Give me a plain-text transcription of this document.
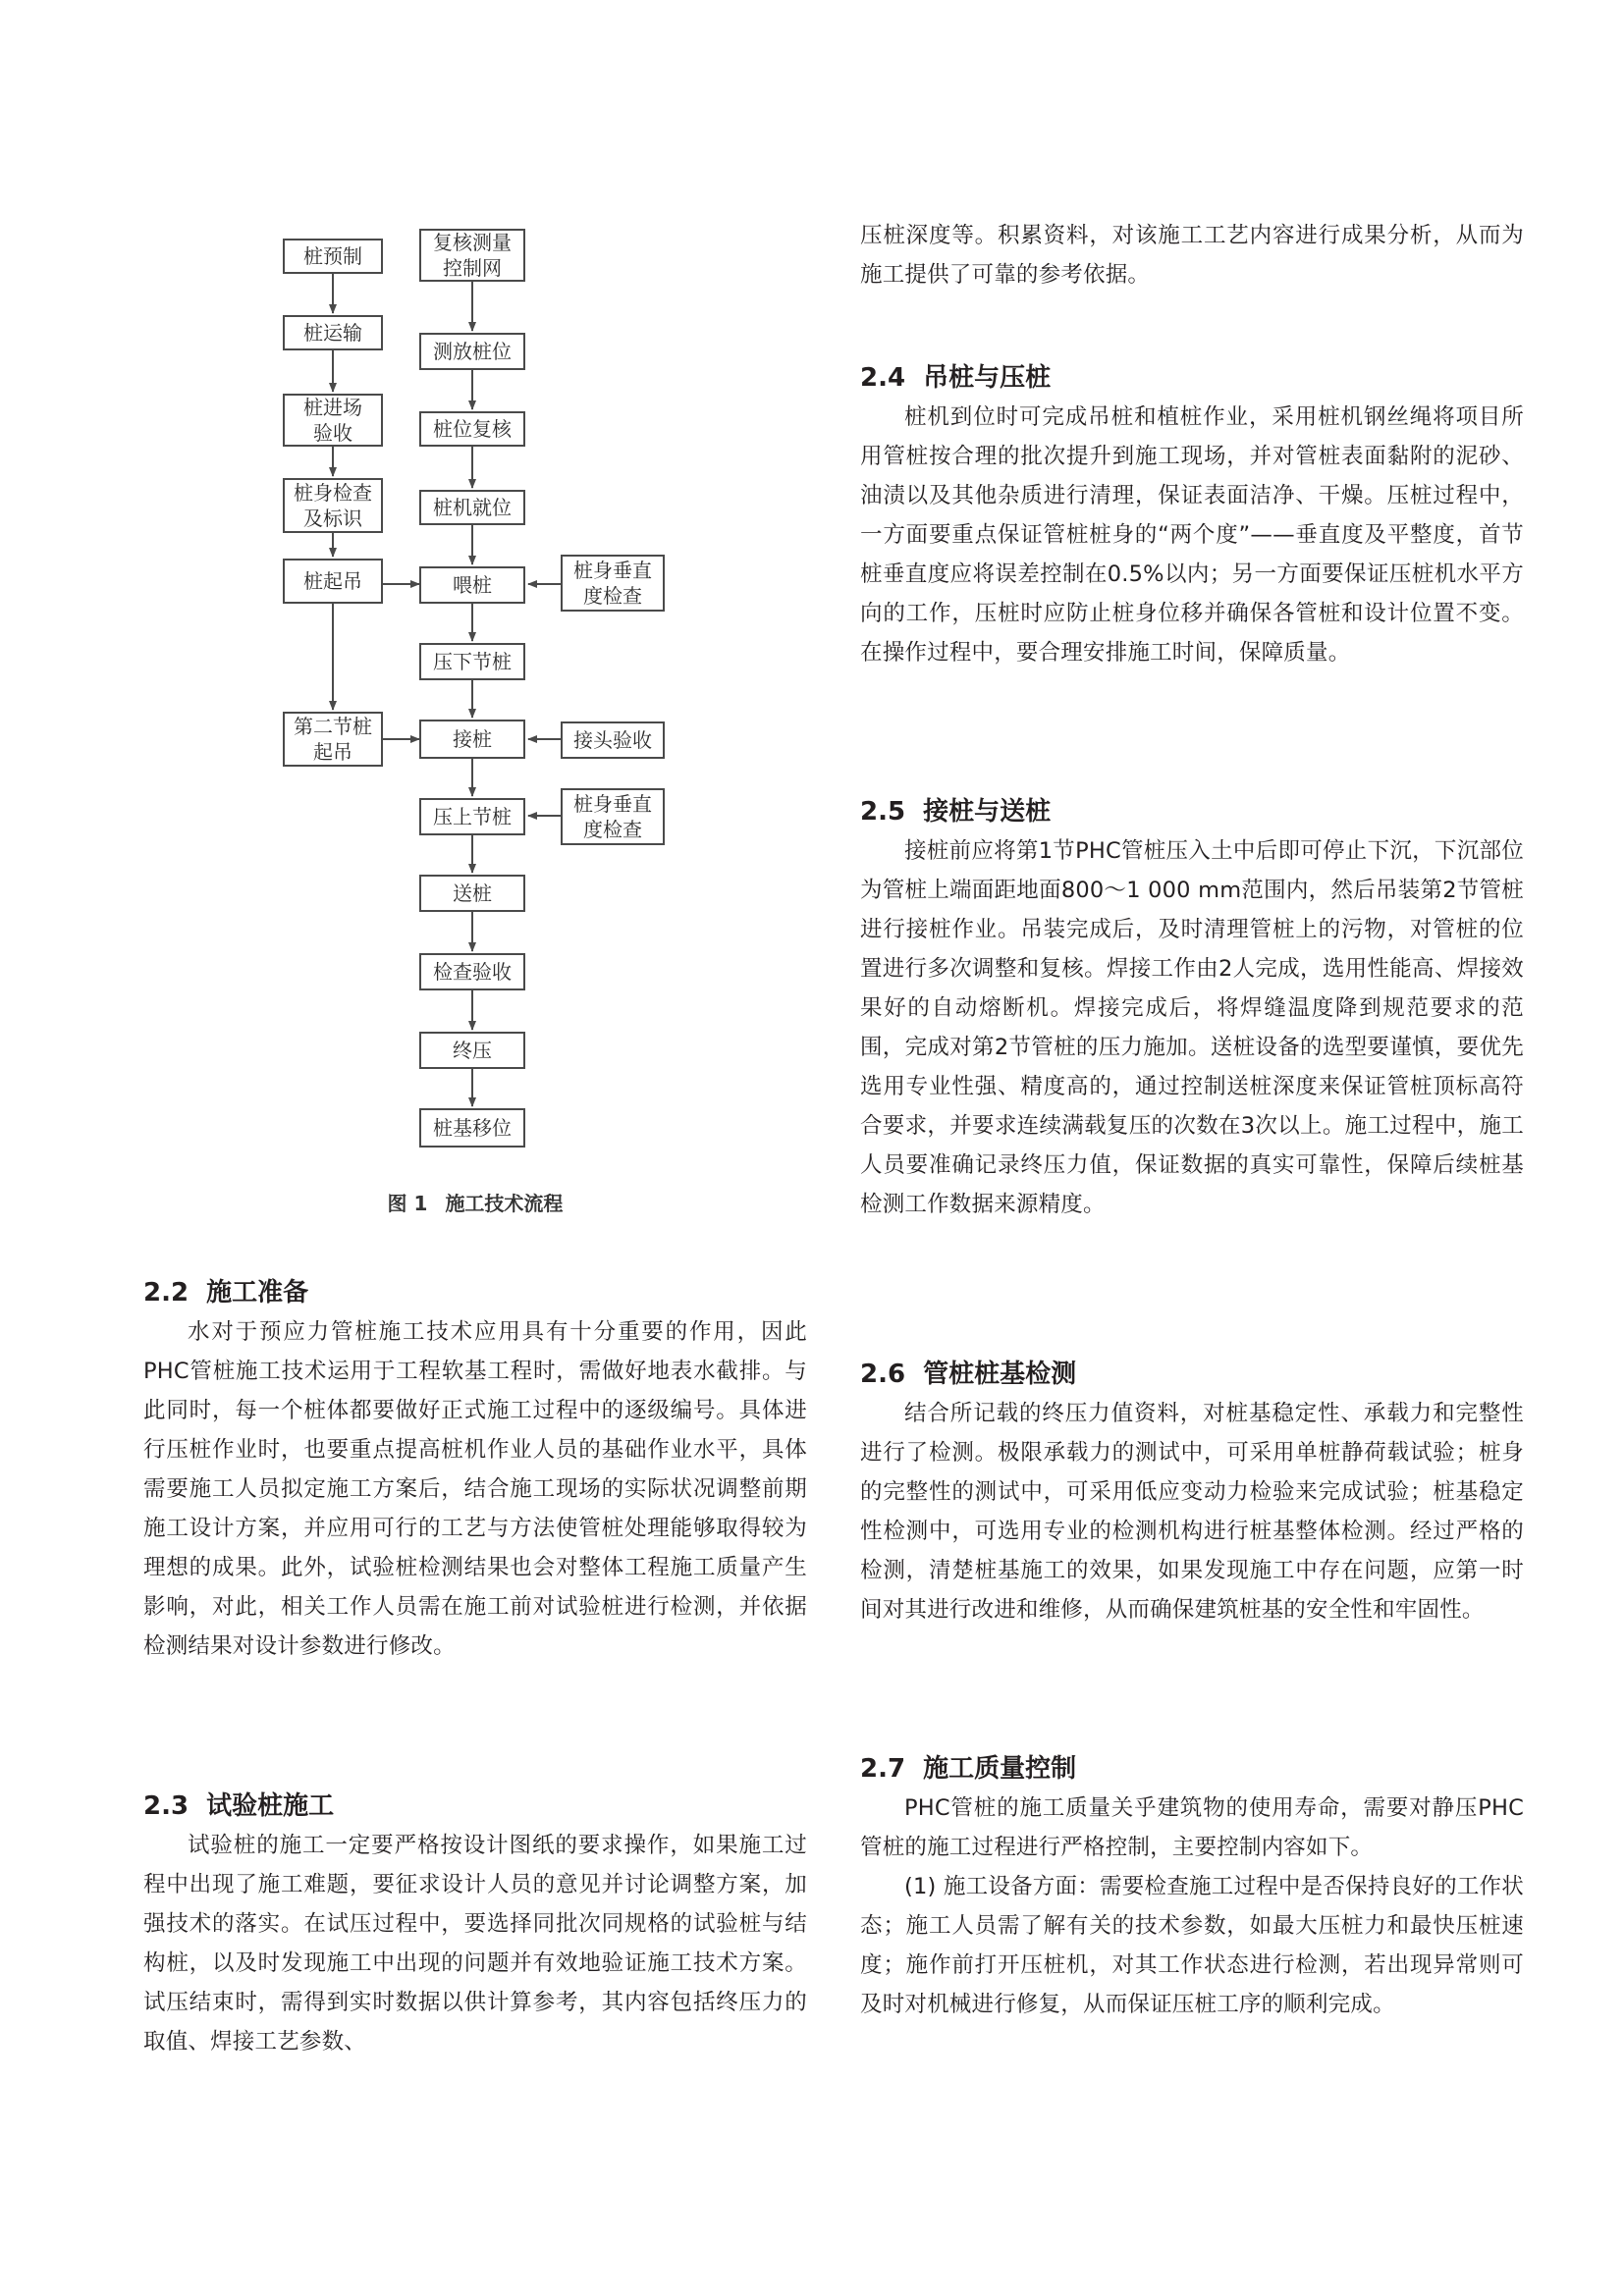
桩预制
桩运输
桩进场
验收
桩身检查
及标识
桩起吊
第二节桩
起吊
复核测量
控制网
测放桩位
桩位复核
桩机就位
喂桩
压下节桩
接桩
压上节桩
送桩
检查验收
终压
桩基移位
桩身垂直
度检查
接头验收
桩身垂直
度检查
图 1 施工技术流程
2.2 施工准备

水对于预应力管桩施工技术应用具有十分重要的作用，因此PHC管桩施工技术运用于工程软基工程时，需做好地表水截排。与此同时，每一个桩体都要做好正式施工过程中的逐级编号。具体进行压桩作业时，也要重点提高桩机作业人员的基础作业水平，具体需要施工人员拟定施工方案后，结合施工现场的实际状况调整前期施工设计方案，并应用可行的工艺与方法使管桩处理能够取得较为理想的成果。此外，试验桩检测结果也会对整体工程施工质量产生影响，对此，相关工作人员需在施工前对试验桩进行检测，并依据检测结果对设计参数进行修改。

2.3 试验桩施工

试验桩的施工一定要严格按设计图纸的要求操作，如果施工过程中出现了施工难题，要征求设计人员的意见并讨论调整方案，加强技术的落实。在试压过程中，要选择同批次同规格的试验桩与结构桩，以及时发现施工中出现的问题并有效地验证施工技术方案。试压结束时，需得到实时数据以供计算参考，其内容包括终压力的取值、焊接工艺参数、

压桩深度等。积累资料，对该施工工艺内容进行成果分析，从而为施工提供了可靠的参考依据。

2.4 吊桩与压桩

桩机到位时可完成吊桩和植桩作业，采用桩机钢丝绳将项目所用管桩按合理的批次提升到施工现场，并对管桩表面黏附的泥砂、油渍以及其他杂质进行清理，保证表面洁净、干燥。压桩过程中，一方面要重点保证管桩桩身的“两个度”——垂直度及平整度，首节桩垂直度应将误差控制在0.5%以内；另一方面要保证压桩机水平方向的工作，压桩时应防止桩身位移并确保各管桩和设计位置不变。在操作过程中，要合理安排施工时间，保障质量。

2.5 接桩与送桩

接桩前应将第1节PHC管桩压入土中后即可停止下沉，下沉部位为管桩上端面距地面800～1 000 mm范围内，然后吊装第2节管桩进行接桩作业。吊装完成后，及时清理管桩上的污物，对管桩的位置进行多次调整和复核。焊接工作由2人完成，选用性能高、焊接效果好的自动熔断机。焊接完成后，将焊缝温度降到规范要求的范围，完成对第2节管桩的压力施加。送桩设备的选型要谨慎，要优先选用专业性强、精度高的，通过控制送桩深度来保证管桩顶标高符合要求，并要求连续满载复压的次数在3次以上。施工过程中，施工人员要准确记录终压力值，保证数据的真实可靠性，保障后续桩基检测工作数据来源精度。

2.6 管桩桩基检测

结合所记载的终压力值资料，对桩基稳定性、承载力和完整性进行了检测。极限承载力的测试中，可采用单桩静荷载试验；桩身的完整性的测试中，可采用低应变动力检验来完成试验；桩基稳定性检测中，可选用专业的检测机构进行桩基整体检测。经过严格的检测，清楚桩基施工的效果，如果发现施工中存在问题，应第一时间对其进行改进和维修，从而确保建筑桩基的安全性和牢固性。

2.7 施工质量控制

PHC管桩的施工质量关乎建筑物的使用寿命，需要对静压PHC管桩的施工过程进行严格控制，主要控制内容如下。

(1) 施工设备方面：需要检查施工过程中是否保持良好的工作状态；施工人员需了解有关的技术参数，如最大压桩力和最快压桩速度；施作前打开压桩机，对其工作状态进行检测，若出现异常则可及时对机械进行修复，从而保证压桩工序的顺利完成。
